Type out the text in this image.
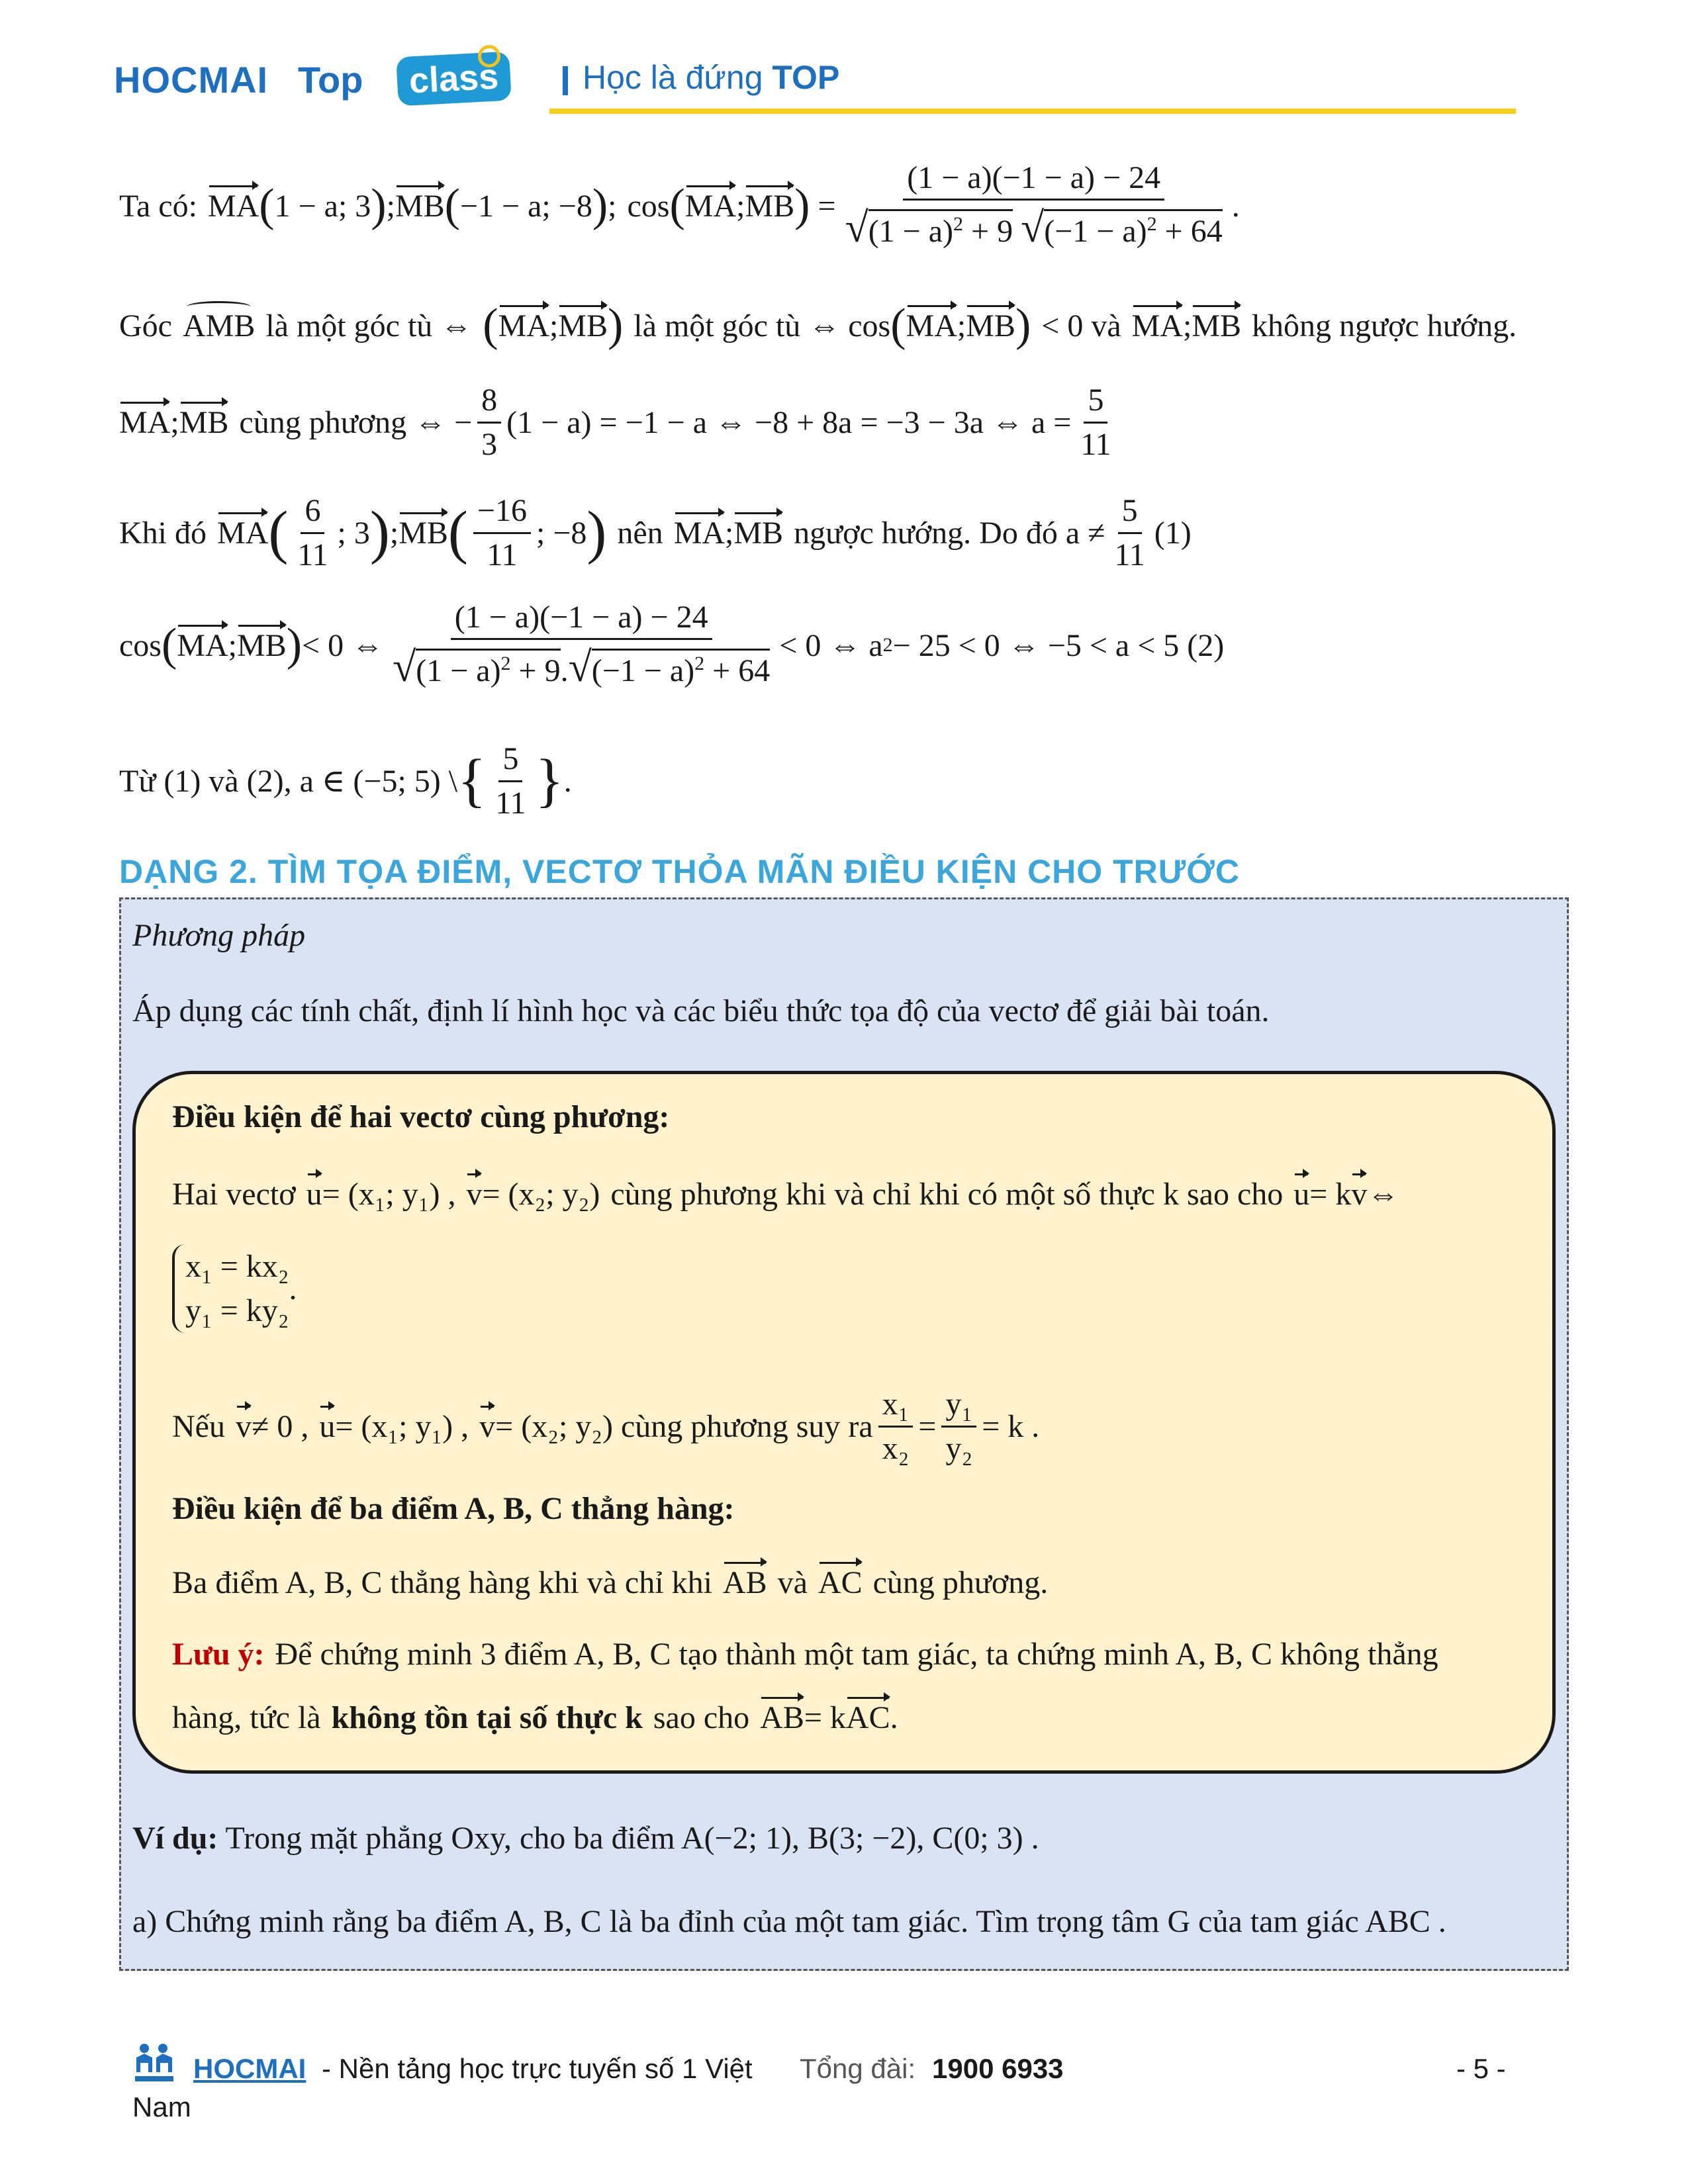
HOCMAI Top	class	Học là đứng TOP
Ta có: MA ( 1 − a; 3 ) ; MB ( −1 − a; −8 ) ; cos ( MA ; MB ) = $\frac{(1 - a)(-1 - a) - 24}{√(1 - a)^2 + 9 √(-1 - a)^2 + 64}$ .
Góc AMB là một góc tù ⇔ ( MA ; MB ) là một góc tù ⇔ cos ( MA ; MB ) < 0 và MA ; MB không ngược hướng.
MA ; MB cùng phương ⇔ − $\frac{8}{3} (1 - a) = -1 - a$ ⇔ −8 + 8a = −3 − 3a ⇔ $a = \frac{5}{11}$
Khi đó MA ( $\frac{6}{11}$ ; 3 ) ; MB ( $\frac{-16}{11}$ ; −8 ) nên MA ; MB ngược hướng. Do đó $a \ne \frac{5}{11} (1)$
cos ( MA ; MB ) < 0 ⇔ $\frac{(1 - a)(-1 - a) - 24}{√(1 - a)^2 + 9.√(-1 - a)^2 + 64} < 0$ ⇔ a 2 − 25 < 0 ⇔ −5 < a < 5 (2)
Từ (1) và (2), a ∈ (−5; 5) \ { $\frac{5}{11}$ } .
DẠNG 2. TÌM TỌA ĐIỂM, VECTƠ THỎA MÃN ĐIỀU KIỆN CHO TRƯỚC
Phương pháp
Áp dụng các tính chất, định lí hình học và các biểu thức tọa độ của vectơ để giải bài toán.
Điều kiện để hai vectơ cùng phương:
Hai vectơ u = (x₁; y₁) , v = (x₂; y₂) cùng phương khi và chỉ khi có một số thực k sao cho u = k v ⇔
x₁ = kx₂
y₁ = ky₂
.
Nếu v ≠ 0 , u = (x₁; y₁) , v = (x₂; y₂) cùng phương suy ra $\frac{\text{x₁}}{\text{x₂}} = \frac{\text{y₁}}{\text{y₂}} = k$ .
Điều kiện để ba điểm A, B, C thẳng hàng:
Ba điểm A, B, C thẳng hàng khi và chỉ khi AB và AC cùng phương.
Lưu ý: Để chứng minh 3 điểm A, B, C tạo thành một tam giác, ta chứng minh A, B, C không thẳng
hàng, tức là không tồn tại số thực k sao cho AB = k AC .
Ví dụ: Trong mặt phẳng Oxy, cho ba điểm A(−2; 1), B(3; −2), C(0; 3) .
a) Chứng minh rằng ba điểm A, B, C là ba đỉnh của một tam giác. Tìm trọng tâm G của tam giác ABC .
HOCMAI - Nền tảng học trực tuyến số 1 Việt Tổng đài: 1900 6933	- 5 -
Nam
